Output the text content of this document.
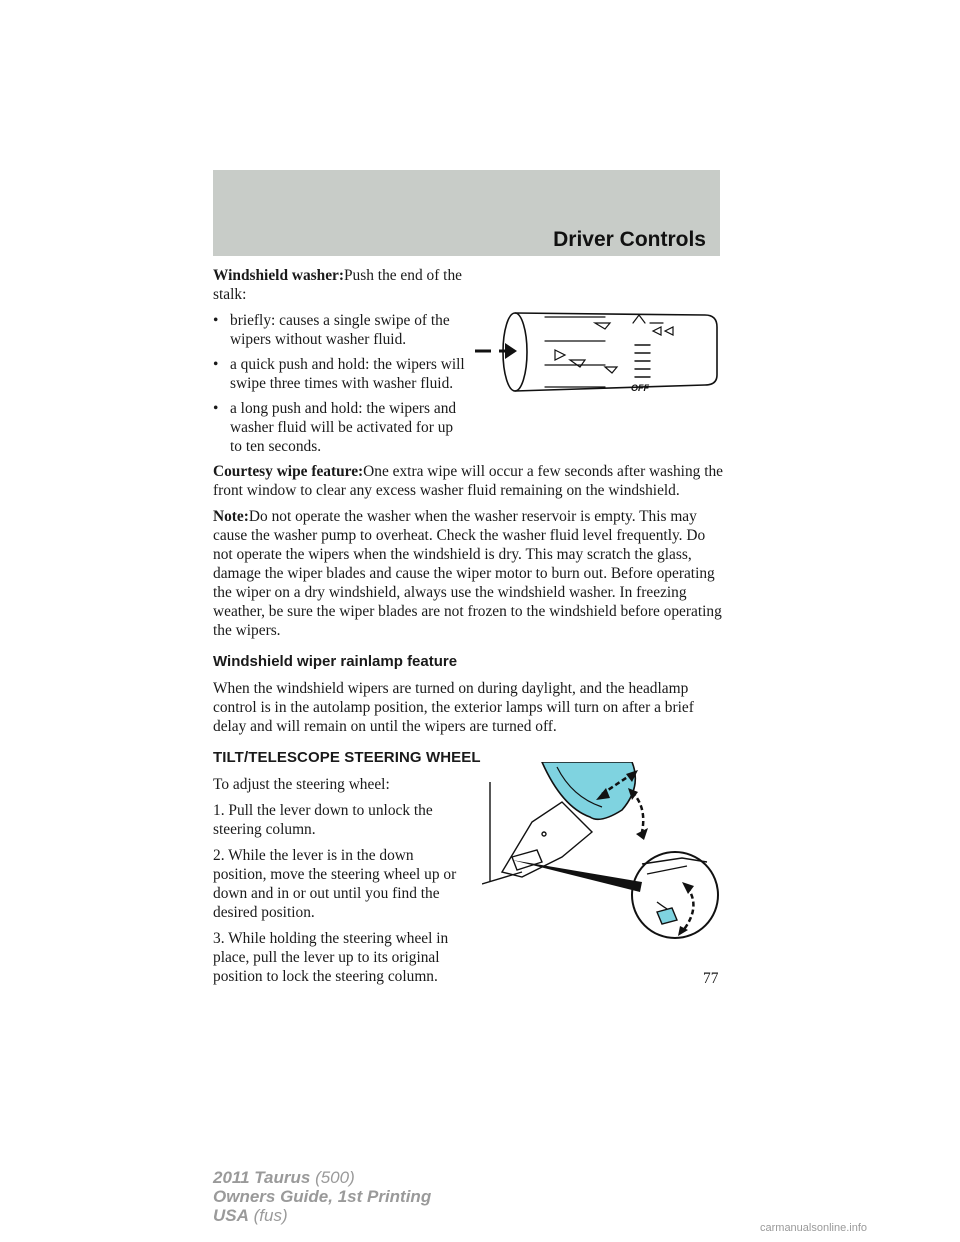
Driver Controls

Windshield washer:Push the end of the stalk:

• briefly: causes a single swipe of the wipers without washer fluid.
• a quick push and hold: the wipers will swipe three times with washer fluid.
• a long push and hold: the wipers and washer fluid will be activated for up to ten seconds.

Courtesy wipe feature:One extra wipe will occur a few seconds after washing the front window to clear any excess washer fluid remaining on the windshield.

Note:Do not operate the washer when the washer reservoir is empty. This may cause the washer pump to overheat. Check the washer fluid level frequently. Do not operate the wipers when the windshield is dry. This may scratch the glass, damage the wiper blades and cause the wiper motor to burn out. Before operating the wiper on a dry windshield, always use the windshield washer. In freezing weather, be sure the wiper blades are not frozen to the windshield before operating the wipers.

Windshield wiper rainlamp feature

When the windshield wipers are turned on during daylight, and the headlamp control is in the autolamp position, the exterior lamps will turn on after a brief delay and will remain on until the wipers are turned off.

TILT/TELESCOPE STEERING WHEEL

To adjust the steering wheel:

1. Pull the lever down to unlock the steering column.

2. While the lever is in the down position, move the steering wheel up or down and in or out until you find the desired position.

3. While holding the steering wheel in place, pull the lever up to its original position to lock the steering column.

OFF
77
2011 Taurus (500)
Owners Guide, 1st Printing
USA (fus)
carmanualsonline.info
